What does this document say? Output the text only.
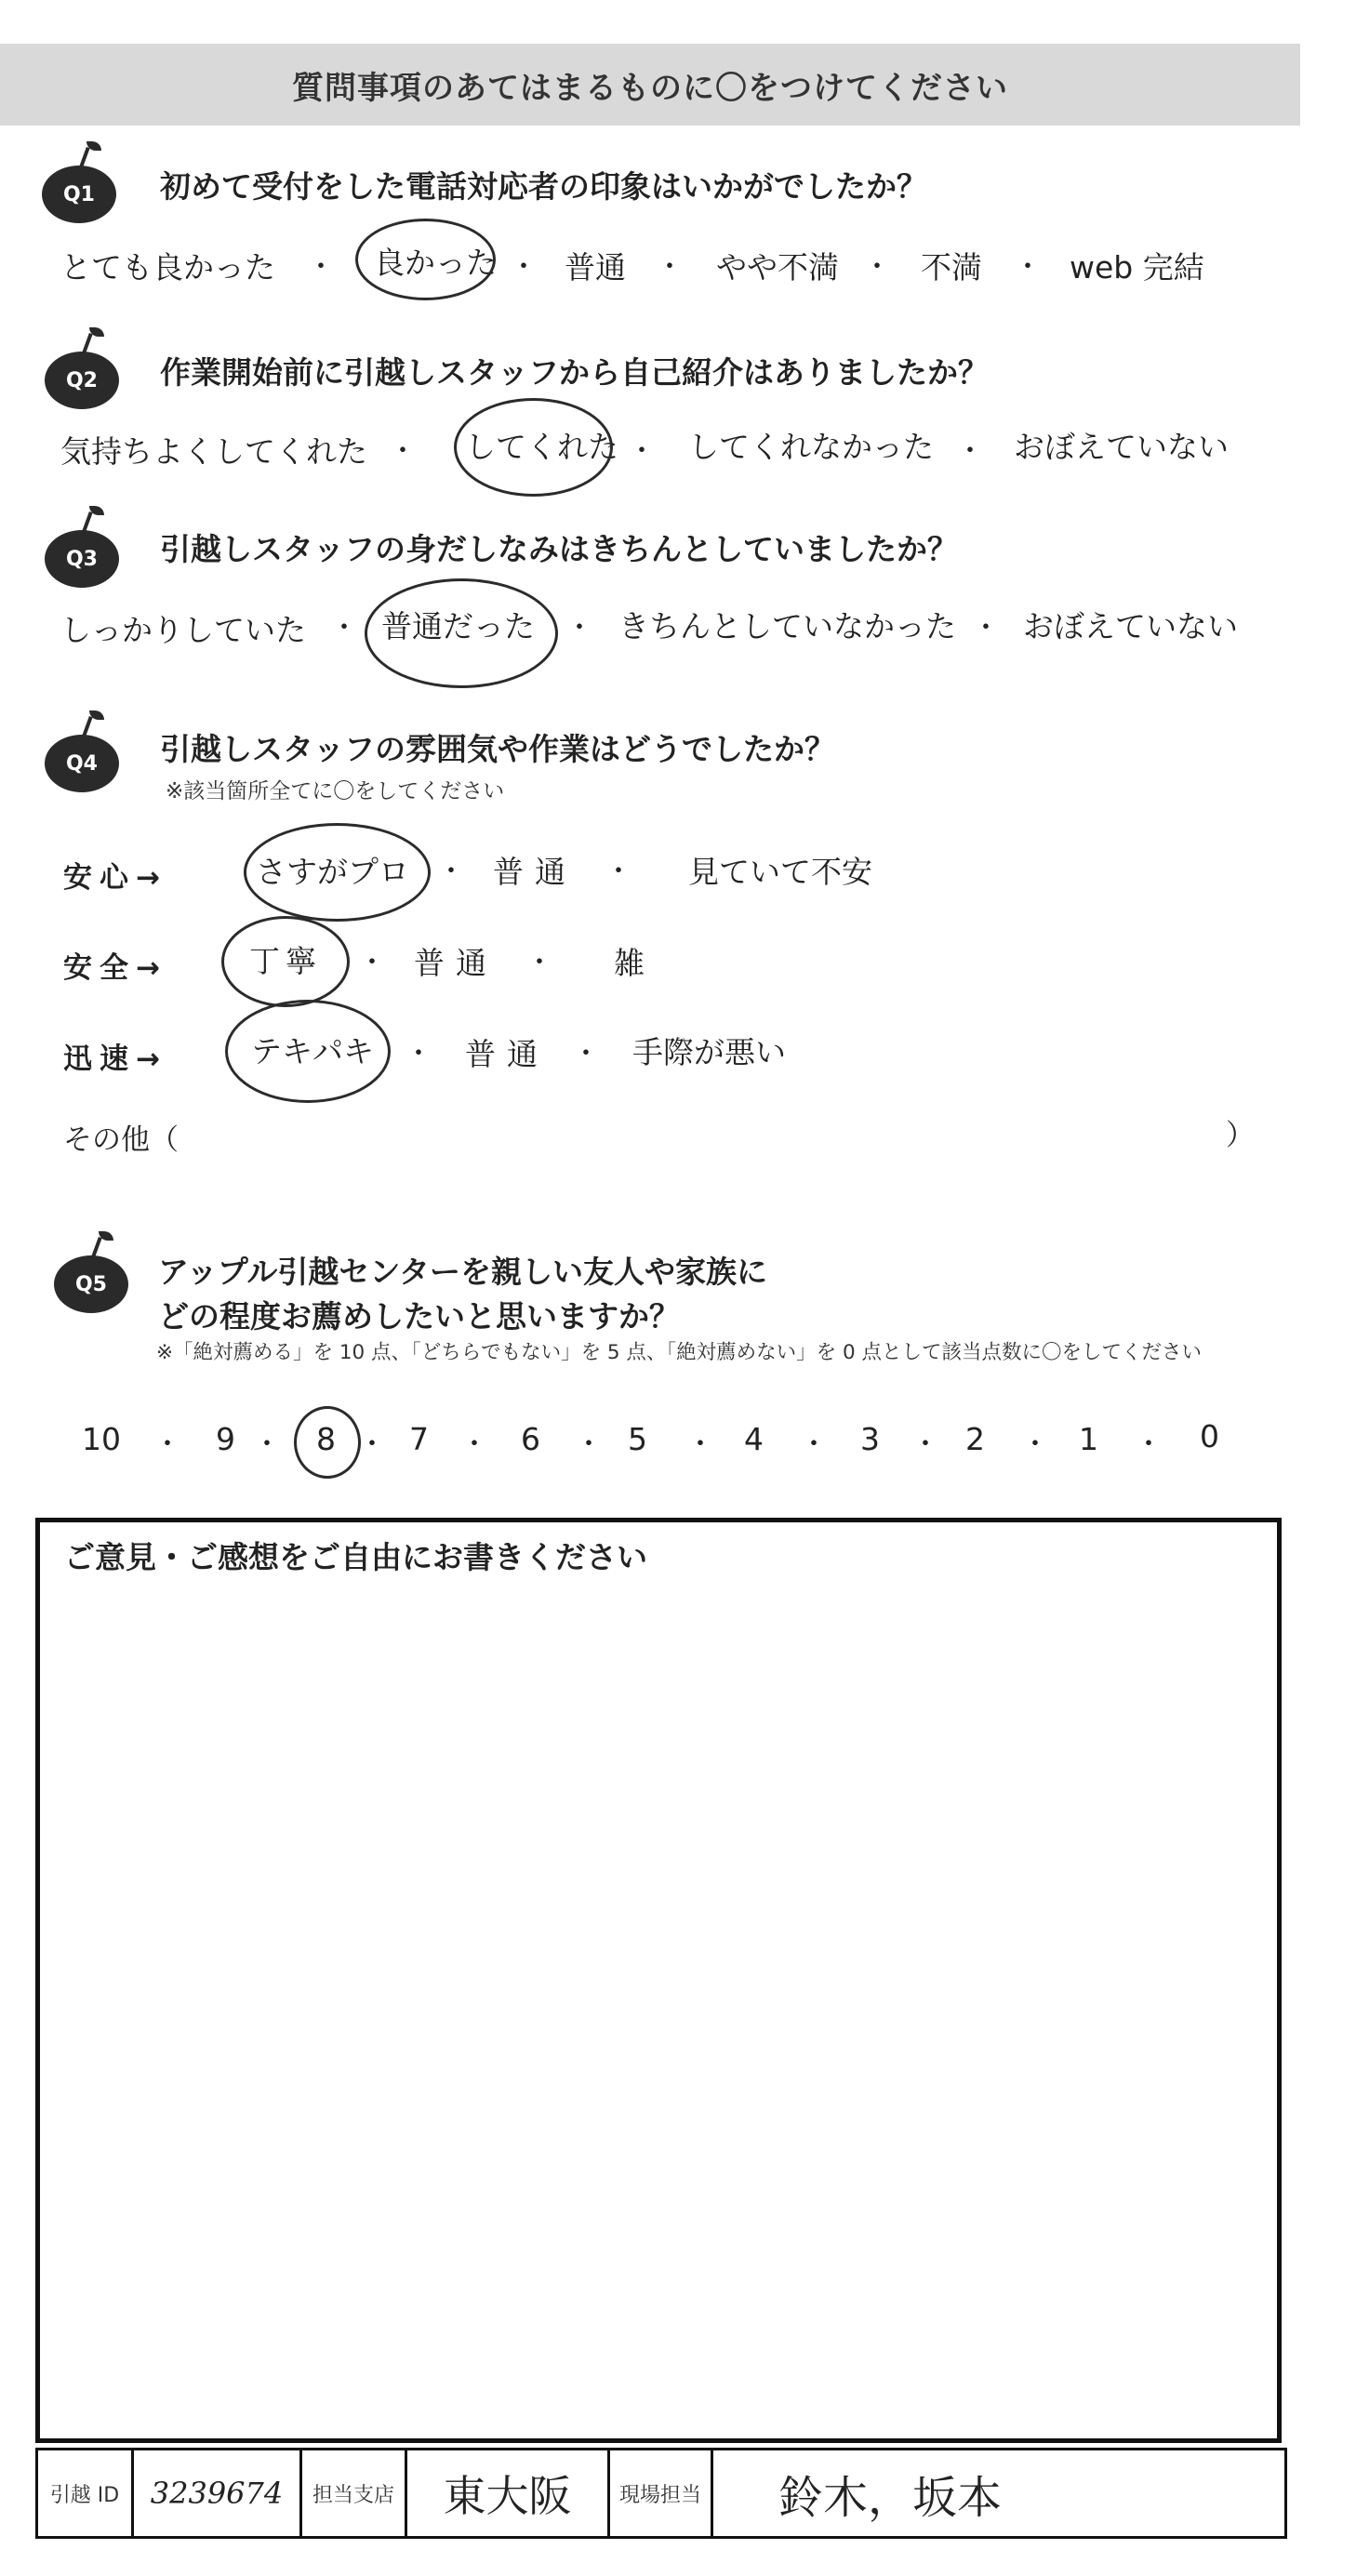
質問事項のあてはまるものに〇をつけてください
Q1 初めて受付をした電話対応者の印象はいかがでしたか？
とても良かった ・ 良かった ・ 普通 ・ やや不満 ・ 不満 ・ web 完結
Q2 作業開始前に引越しスタッフから自己紹介はありましたか？
気持ちよくしてくれた ・ してくれた ・ してくれなかった ・ おぼえていない
Q3 引越しスタッフの身だしなみはきちんとしていましたか？
しっかりしていた ・ 普通だった ・ きちんとしていなかった ・ おぼえていない
Q4 引越しスタッフの雰囲気や作業はどうでしたか？
※該当箇所全てに〇をしてください
安心→	さすがプロ ・ 普通 ・ 見ていて不安
安全→	丁寧 ・ 普通 ・ 雑
迅速→	テキパキ ・ 普通 ・ 手際が悪い
その他（	）
Q5 アップル引越センターを親しい友人や家族に
どの程度お薦めしたいと思いますか？
※「絶対薦める」を 10 点、「どちらでもない」を 5 点、「絶対薦めない」を 0 点として該当点数に〇をしてください
10 ・ 9 ・ 8 ・ 7 ・ 6 ・ 5 ・ 4 ・ 3 ・ 2 ・ 1 ・ 0
ご意見・ご感想をご自由にお書きください
引越 ID 3239674 担当支店 東大阪 現場担当 鈴木，坂本
